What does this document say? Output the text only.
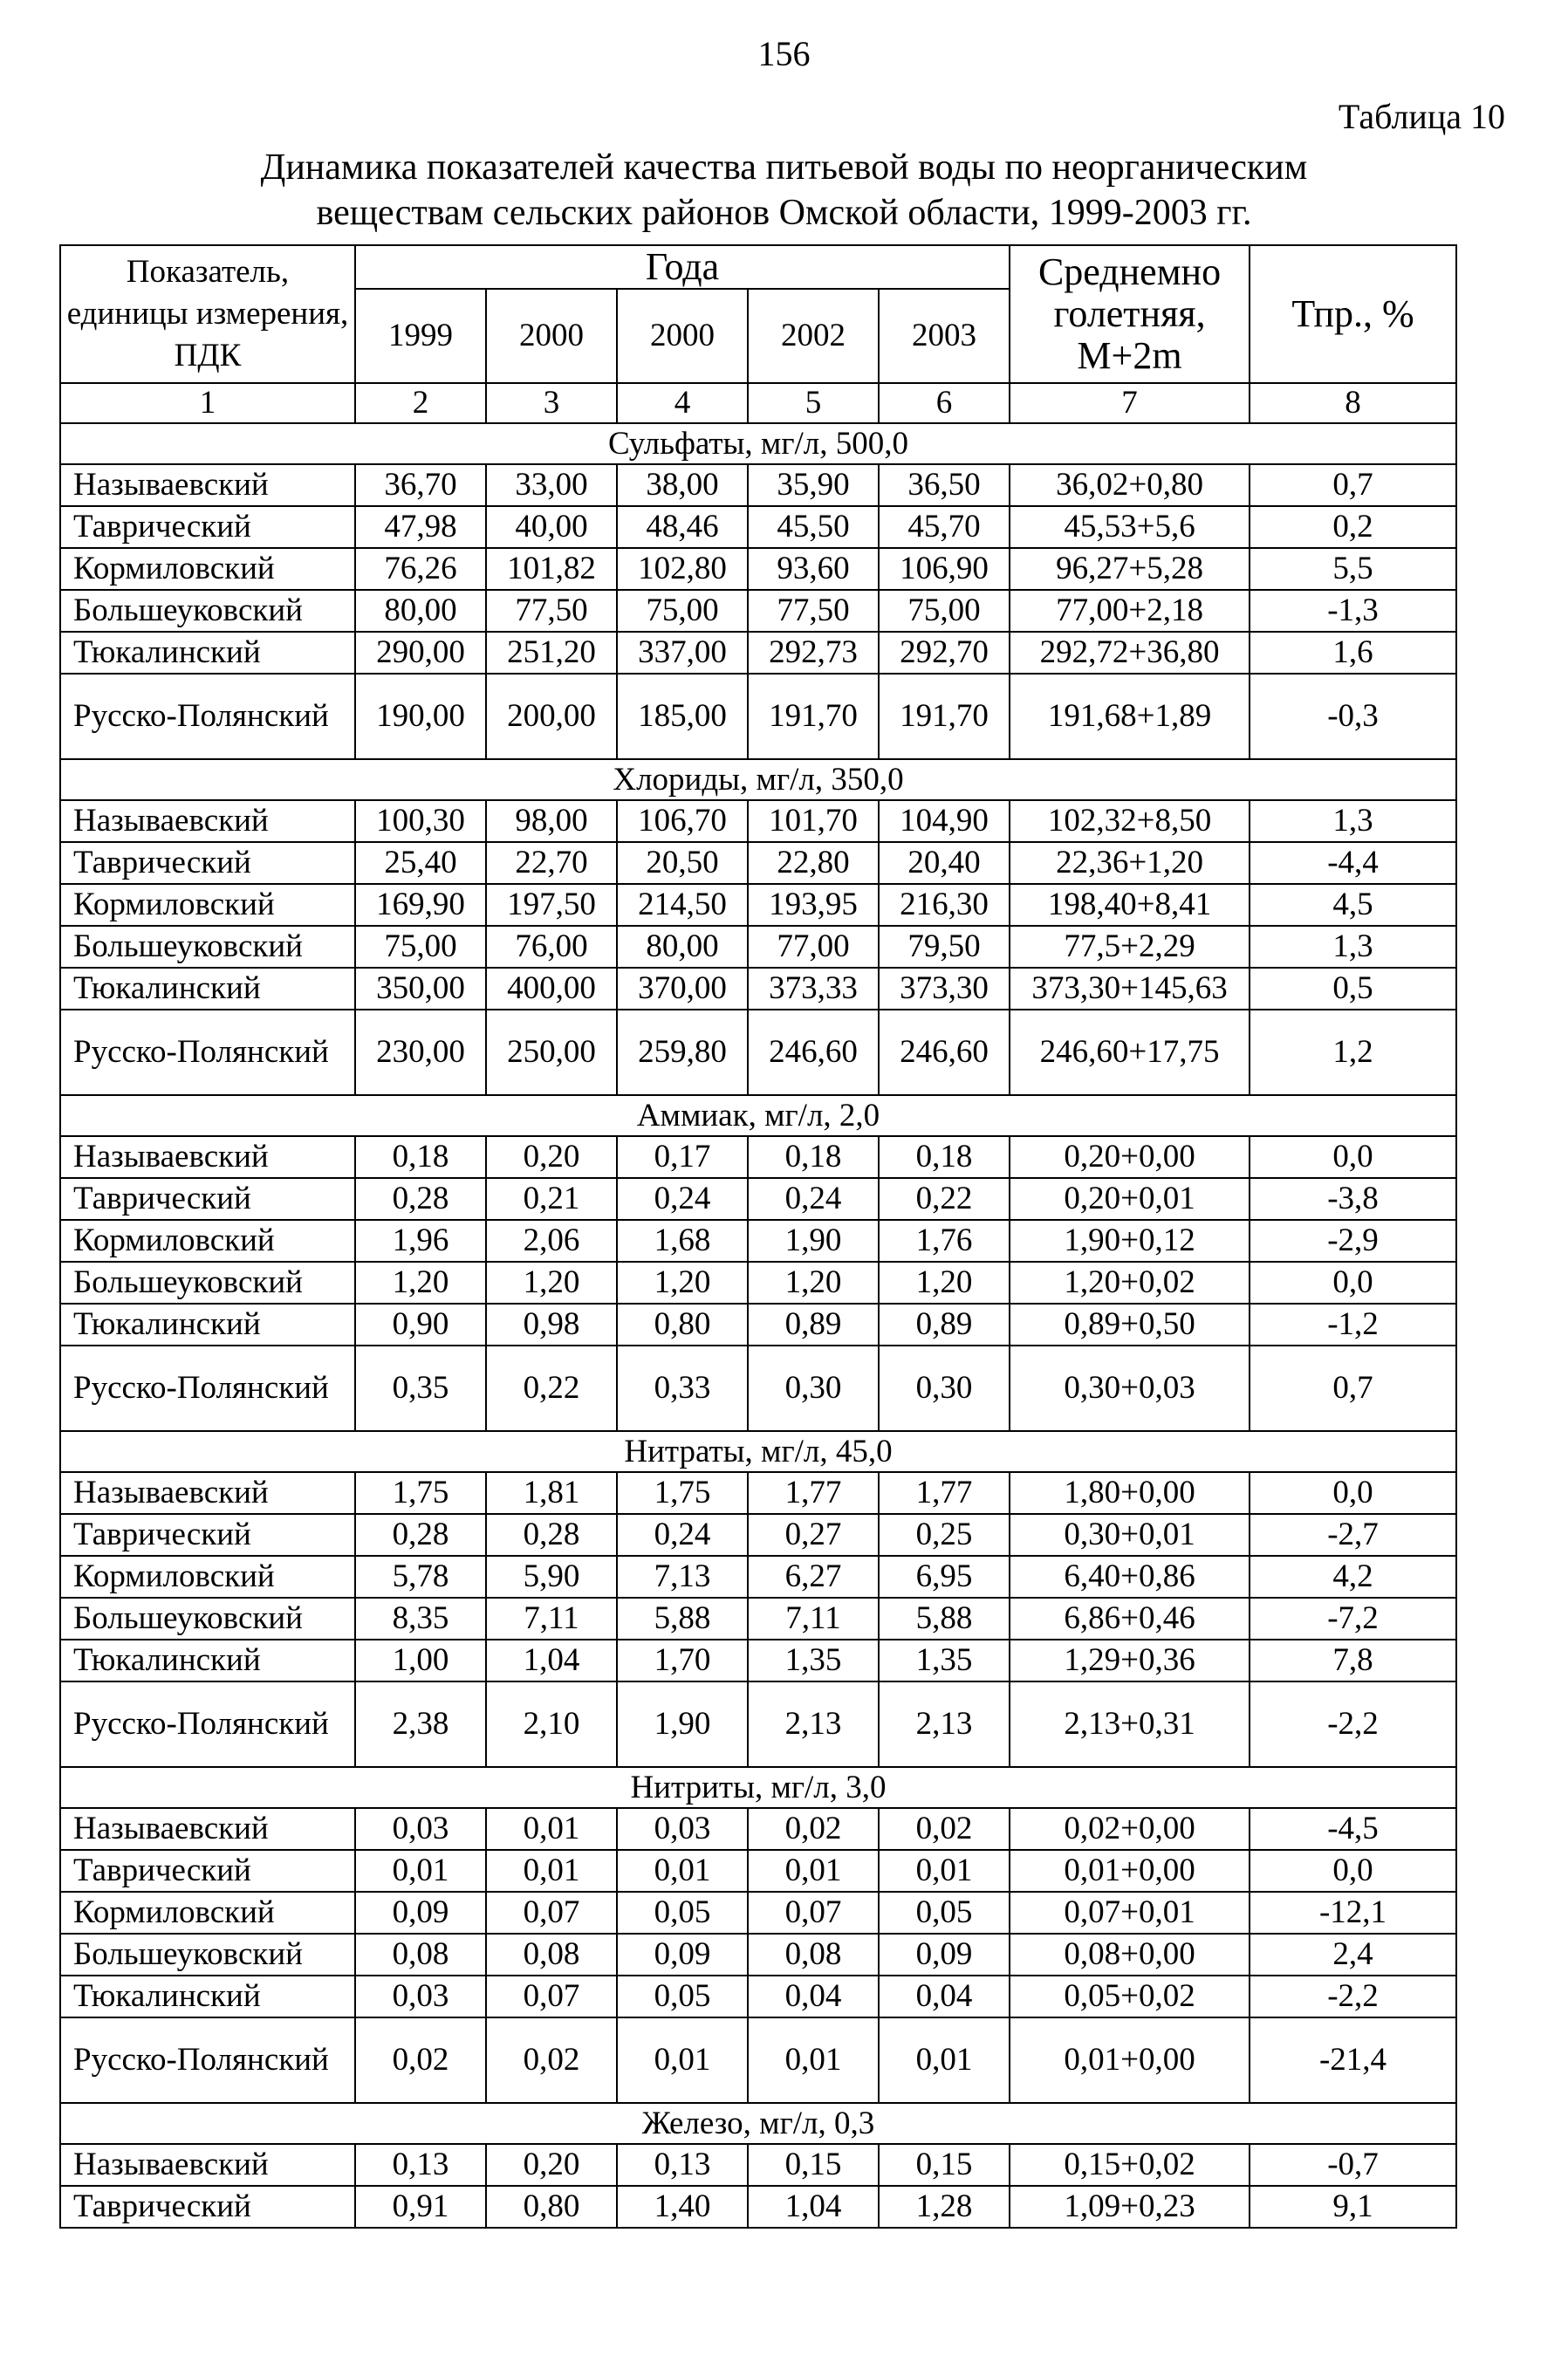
156
Таблица 10
Динамика показателей качества питьевой воды по неорганическим
веществам сельских районов Омской области, 1999-2003 гг.
Показатель, единицы измерения, ПДК	Года					Среднемно голетняя, М+2m	Тпр., %
	1999	2000	2000	2002	2003		
1	2	3	4	5	6	7	8
Сульфаты, мг/л, 500,0							
Называевский	36,70	33,00	38,00	35,90	36,50	36,02+0,80	0,7
Таврический	47,98	40,00	48,46	45,50	45,70	45,53+5,6	0,2
Кормиловский	76,26	101,82	102,80	93,60	106,90	96,27+5,28	5,5
Большеуковский	80,00	77,50	75,00	77,50	75,00	77,00+2,18	-1,3
Тюкалинский	290,00	251,20	337,00	292,73	292,70	292,72+36,80	1,6
Русско-Полянский	190,00	200,00	185,00	191,70	191,70	191,68+1,89	-0,3
Хлориды, мг/л, 350,0							
Называевский	100,30	98,00	106,70	101,70	104,90	102,32+8,50	1,3
Таврический	25,40	22,70	20,50	22,80	20,40	22,36+1,20	-4,4
Кормиловский	169,90	197,50	214,50	193,95	216,30	198,40+8,41	4,5
Большеуковский	75,00	76,00	80,00	77,00	79,50	77,5+2,29	1,3
Тюкалинский	350,00	400,00	370,00	373,33	373,30	373,30+145,63	0,5
Русско-Полянский	230,00	250,00	259,80	246,60	246,60	246,60+17,75	1,2
Аммиак, мг/л, 2,0							
Называевский	0,18	0,20	0,17	0,18	0,18	0,20+0,00	0,0
Таврический	0,28	0,21	0,24	0,24	0,22	0,20+0,01	-3,8
Кормиловский	1,96	2,06	1,68	1,90	1,76	1,90+0,12	-2,9
Большеуковский	1,20	1,20	1,20	1,20	1,20	1,20+0,02	0,0
Тюкалинский	0,90	0,98	0,80	0,89	0,89	0,89+0,50	-1,2
Русско-Полянский	0,35	0,22	0,33	0,30	0,30	0,30+0,03	0,7
Нитраты, мг/л, 45,0							
Называевский	1,75	1,81	1,75	1,77	1,77	1,80+0,00	0,0
Таврический	0,28	0,28	0,24	0,27	0,25	0,30+0,01	-2,7
Кормиловский	5,78	5,90	7,13	6,27	6,95	6,40+0,86	4,2
Большеуковский	8,35	7,11	5,88	7,11	5,88	6,86+0,46	-7,2
Тюкалинский	1,00	1,04	1,70	1,35	1,35	1,29+0,36	7,8
Русско-Полянский	2,38	2,10	1,90	2,13	2,13	2,13+0,31	-2,2
Нитриты, мг/л, 3,0							
Называевский	0,03	0,01	0,03	0,02	0,02	0,02+0,00	-4,5
Таврический	0,01	0,01	0,01	0,01	0,01	0,01+0,00	0,0
Кормиловский	0,09	0,07	0,05	0,07	0,05	0,07+0,01	-12,1
Большеуковский	0,08	0,08	0,09	0,08	0,09	0,08+0,00	2,4
Тюкалинский	0,03	0,07	0,05	0,04	0,04	0,05+0,02	-2,2
Русско-Полянский	0,02	0,02	0,01	0,01	0,01	0,01+0,00	-21,4
Железо, мг/л, 0,3							
Называевский	0,13	0,20	0,13	0,15	0,15	0,15+0,02	-0,7
Таврический	0,91	0,80	1,40	1,04	1,28	1,09+0,23	9,1
